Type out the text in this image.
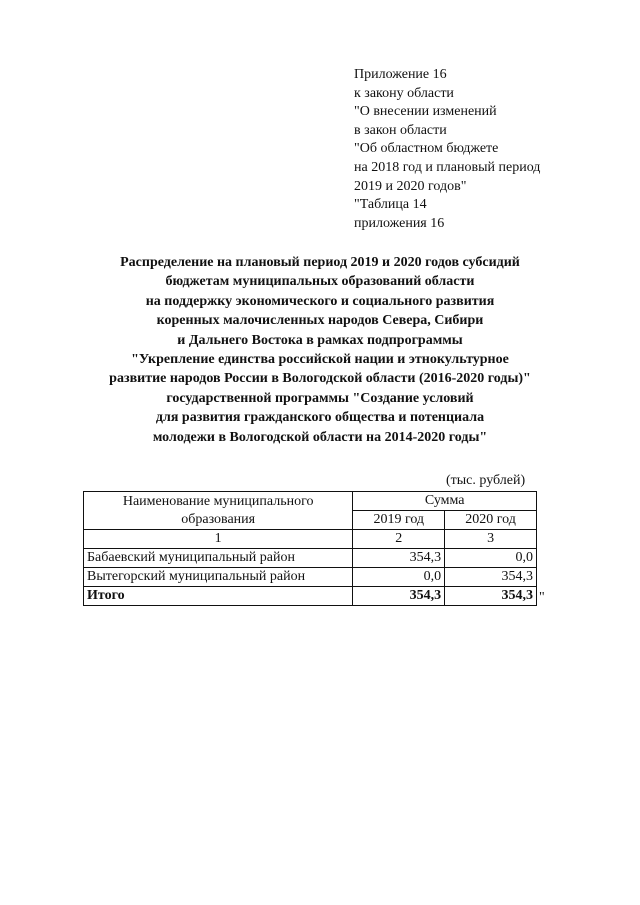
Приложение 16
к закону области
"О внесении изменений
в закон области
"Об областном бюджете
на 2018 год и плановый период
2019 и 2020 годов"
"Таблица 14
приложения 16
Распределение на плановый период 2019 и 2020 годов субсидий
бюджетам муниципальных образований области
на поддержку экономического и социального развития
коренных малочисленных народов Севера, Сибири
и Дальнего Востока в рамках подпрограммы
"Укрепление единства российской нации и этнокультурное
развитие народов России в Вологодской области (2016-2020 годы)"
государственной программы "Создание условий
для развития гражданского общества и потенциала
молодежи в Вологодской области на 2014-2020 годы"
(тыс. рублей)
Наименование муниципального
образования	Сумма	
	2019 год	2020 год
1	2	3
Бабаевский муниципальный район	354,3	0,0
Вытегорский муниципальный район	0,0	354,3
Итого	354,3	354,3 "
